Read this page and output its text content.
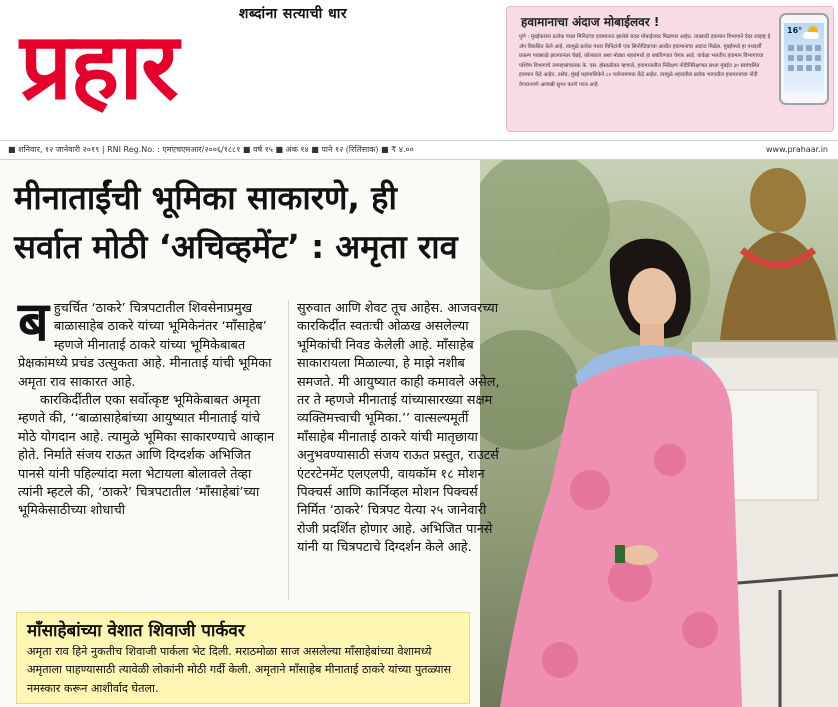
शब्दांना सत्याची धार
प्रहार	हवामानाचा अंदाज मोबाईलवर !
पुणे : मुंबईकरांना प्रत्येक पंधरा मिनिटांचा हवामानात झालेले बदल मोबाईलवर मिळणार आहेत. त्यासाठी हवामान विभागाने वेदर लाइव्ह हे ॲप विकसित केले आहे. त्यामुळे प्रत्येक पंधरा मिनिटांनी एक सिनोप्टिकच्या आधीत हवामानाचा अंदाज मिळेल. मुंबईमध्ये हा पथदर्शी प्रकल्प पावसाळे झाल्यानंतर चेन्नई, कोलकता अशा मोठ्या शहरांमध्ये हा राबविण्यात येणार आहे. यावेळा भारतीय हवामान विभागाच्या पश्चिम विभागाचे उपमहासंचालक के. एस. होसाळीकर म्हणाले, हवामानातील निरीक्षण नोंदीनिरिक्षणात सध्या मुंबईत ३० स्वयंचलित हवामान केंद्रे आहेत. तसेच, मुंबई महापालिकेने ८० पर्जन्यमापक केंद्रे आहेत. त्यामुळे शहरातील प्रत्येक भागातील हवामानाच्या नोंदी वेगवानपणे आणखी सुभर करणे गरज आहे.
16°
■ शनिवार, १२ जानेवारी २०१९ | RNI Reg.No. : एमएचएमआर/२००६/१८८१ ■ वर्ष १५ ■ अंक १४ ■ पाने १२ (रिलिंसाक) ■ ₹ ४.००	www.prahaar.in
मीनाताईंची भूमिका साकारणे, ही
सर्वात मोठी ‘अचिव्हमेंट’ : अमृता राव

बहुचर्चित ‘ठाकरे’ चित्रपटातील शिवसेनाप्रमुख बाळासाहेब ठाकरे यांच्या भूमिकेनंतर ‘माँसाहेब’ म्हणजे मीनाताई ठाकरे यांच्या भूमिकेबाबत प्रेक्षकांमध्ये प्रचंड उत्सुकता आहे. मीनाताई यांची भूमिका अमृता राव साकारत आहे.

कारकिर्दीतील एका सर्वोत्कृष्ट भूमिकेबाबत अमृता म्हणते की, ‘‘बाळासाहेबांच्या आयुष्यात मीनाताई यांचे मोठे योगदान आहे. त्यामुळे भूमिका साकारण्याचे आव्हान होते. निर्माते संजय राऊत आणि दिग्दर्शक अभिजित पानसे यांनी पहिल्यांदा मला भेटायला बोलावले तेव्हा त्यांनी म्हटले की, ‘ठाकरे’ चित्रपटातील ‘माँसाहेबां’च्या भूमिकेसाठीच्या शोधाची

सुरुवात आणि शेवट तूच आहेस. आजवरच्या कारकिर्दीत स्वतःची ओळख असलेल्या भूमिकांची निवड केलेली आहे. माँसाहेब साकारायला मिळाल्या, हे माझे नशीब समजते. मी आयुष्यात काही कमावले असेल, तर ते म्हणजे मीनाताई यांच्यासारख्या सक्षम व्यक्तिमत्त्वाची भूमिका.’’ वात्सल्यमूर्ती माँसाहेब मीनाताई ठाकरे यांची मातृछाया अनुभवण्यासाठी संजय राऊत प्रस्तुत, राउटर्स एंटरटेनमेंट एलएलपी, वायकॉम १८ मोशन पिक्चर्स आणि कार्निव्हल मोशन पिक्चर्स निर्मित ‘ठाकरे’ चित्रपट येत्या २५ जानेवारी रोजी प्रदर्शित होणार आहे. अभिजित पानसे यांनी या चित्रपटाचे दिग्दर्शन केले आहे.

माँसाहेबांच्या वेशात शिवाजी पार्कवर

अमृता राव हिने नुकतीच शिवाजी पार्कला भेट दिली. मराठमोळा साज असलेल्या माँसाहेबांच्या वेशामध्ये अमृताला पाहण्यासाठी त्यावेळी लोकांनी मोठी गर्दी केली. अमृताने माँसाहेब मीनाताई ठाकरे यांच्या पुतळ्यास नमस्कार करून आशीर्वाद घेतला.
